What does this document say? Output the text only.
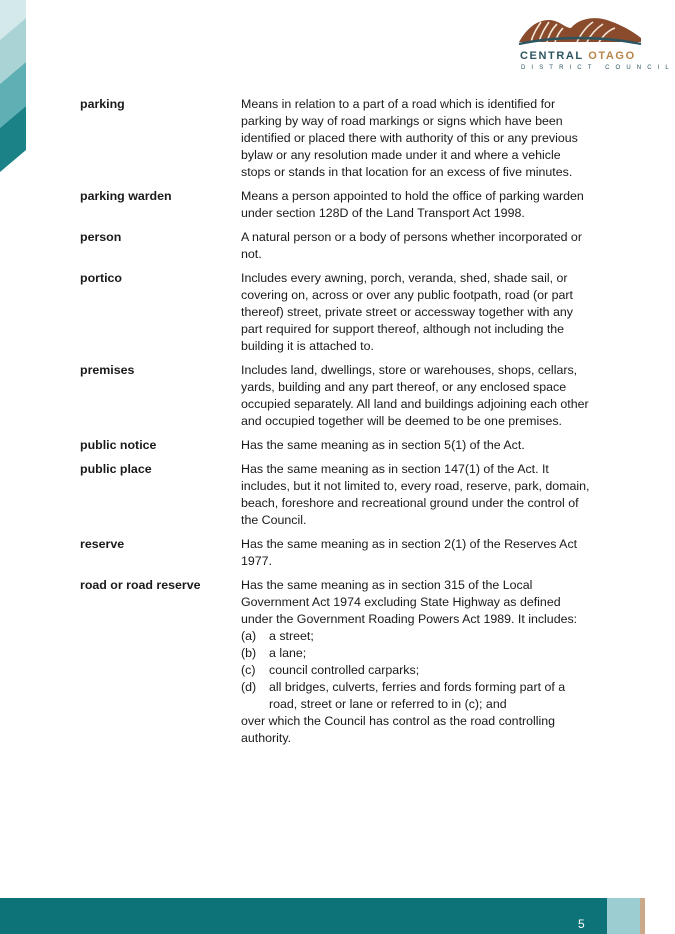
CENTRAL OTAGO
DISTRICT COUNCIL
parking	Means in relation to a part of a road which is identified for parking by way of road markings or signs which have been identified or placed there with authority of this or any previous bylaw or any resolution made under it and where a vehicle stops or stands in that location for an excess of five minutes.
parking warden	Means a person appointed to hold the office of parking warden under section 128D of the Land Transport Act 1998.
person	A natural person or a body of persons whether incorporated or not.
portico	Includes every awning, porch, veranda, shed, shade sail, or covering on, across or over any public footpath, road (or part thereof) street, private street or accessway together with any part required for support thereof, although not including the building it is attached to.
premises	Includes land, dwellings, store or warehouses, shops, cellars, yards, building and any part thereof, or any enclosed space occupied separately. All land and buildings adjoining each other and occupied together will be deemed to be one premises.
public notice	Has the same meaning as in section 5(1) of the Act.
public place	Has the same meaning as in section 147(1) of the Act. It includes, but it not limited to, every road, reserve, park, domain, beach, foreshore and recreational ground under the control of the Council.
reserve	Has the same meaning as in section 2(1) of the Reserves Act 1977.
road or road reserve	Has the same meaning as in section 315 of the Local Government Act 1974 excluding State Highway as defined under the Government Roading Powers Act 1989. It includes:
(a)	a street;
(b)	a lane;
(c)	council controlled carparks;
(d)	all bridges, culverts, ferries and fords forming part of a road, street or lane or referred to in (c); and
over which the Council has control as the road controlling authority.
5
